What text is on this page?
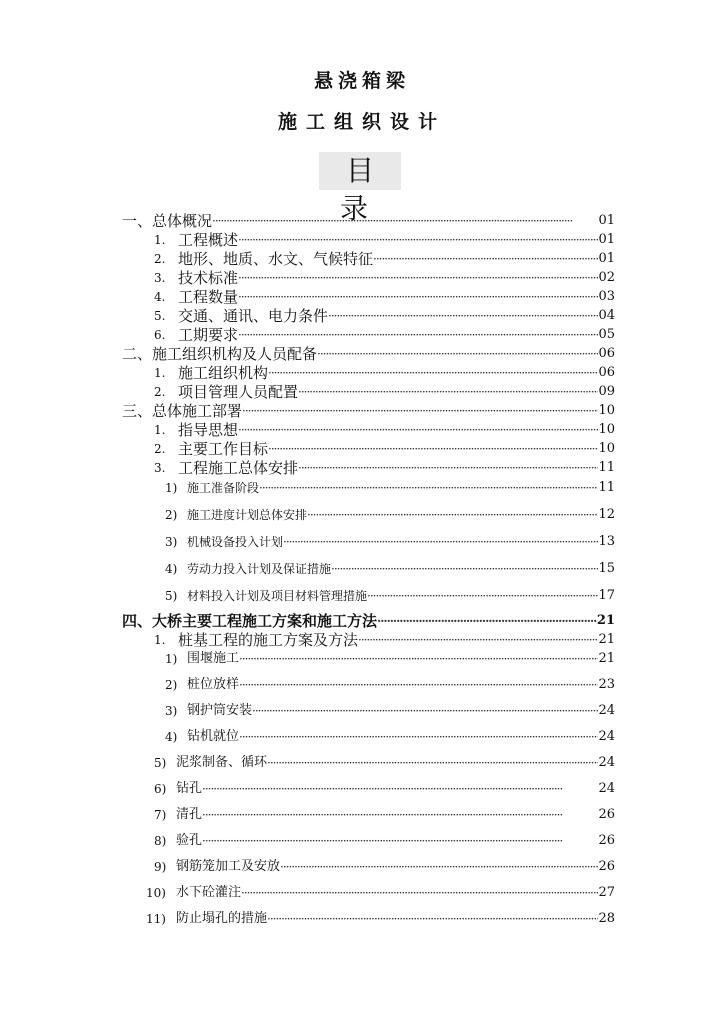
悬浇箱梁
施工组织设计
目录
一、 总体概况 ·····	01
1. 工程概述 ·····	01
2. 地形、地质、水文、气候特征 ·····	01
3. 技术标准 ·····	02
4. 工程数量 ·····	03
5. 交通、通讯、电力条件 ·····	04
6. 工期要求 ·····	05
二、 施工组织机构及人员配备 ·····	06
1. 施工组织机构 ·····	06
2. 项目管理人员配置 ·····	09
三、 总体施工部署 ·····	10
1. 指导思想 ·····	10
2. 主要工作目标 ·····	10
3. 工程施工总体安排 ·····	11
1) 施工准备阶段 ·····	11
2) 施工进度计划总体安排 ·····	12
3) 机械设备投入计划 ·····	13
4) 劳动力投入计划及保证措施 ·····	15
5) 材料投入计划及项目材料管理措施 ·····	17
四、 大桥主要工程施工方案和施工方法 ·····	21
1. 桩基工程的施工方案及方法 ·····	21
1) 围堰施工 ·····	21
2) 桩位放样 ·····	23
3) 钢护筒安装 ·····	24
4) 钻机就位 ·····	24
5) 泥浆制备、循环 ·····	24
6) 钻孔 ·····	24
7) 清孔 ·····	26
8) 验孔 ·····	26
9) 钢筋笼加工及安放 ·····	26
10) 水下砼灌注 ·····	27
11) 防止塌孔的措施 ·····	28
